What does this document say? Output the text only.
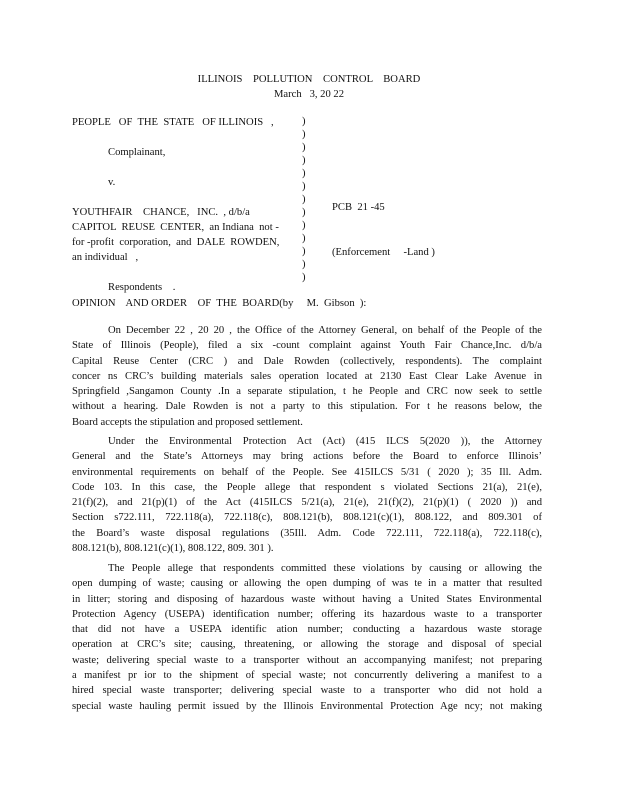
ILLINOIS    POLLUTION    CONTROL    BOARD
March   3, 20 22
PEOPLE   OF  THE  STATE   OF ILLINOIS   ,
Complainant,
v.
YOUTHFAIR    CHANCE,   INC.  , d/b/a
CAPITOL  REUSE  CENTER,  an Indiana  not -
for -profit  corporation,  and  DALE  ROWDEN,
an individual   ,
Respondents    .
)
)
)
)
)
)
)
)
)
)
)
)
)

PCB  21 -45

(Enforcement     -Land )

OPINION    AND ORDER    OF  THE  BOARD(by     M.  Gibson  ):
On December 22 , 20 20 , the Office of the Attorney General, on behalf of the People of the
State of Illinois (People), filed a six -count complaint against Youth Fair Chance,Inc. d/b/a
Capital Reuse Center (CRC ) and Dale Rowden (collectively, respondents). The complaint
concer ns CRC’s building materials sales operation located at 2130 East Clear Lake Avenue in
Springfield ,Sangamon County .In a separate stipulation, t he People and CRC now seek to settle
without a hearing. Dale Rowden is not a party to this stipulation. For t he reasons below, the
Board accepts the stipulation and proposed settlement.
Under the Environmental Protection Act (Act) (415 ILCS 5(2020 )), the Attorney
General and the State’s Attorneys may bring actions before the Board to enforce Illinois’
environmental requirements on behalf of the People. See 415ILCS 5/31 ( 2020 ); 35 Ill. Adm.
Code 103. In this case, the People allege that respondent s violated Sections 21(a), 21(e),
21(f)(2), and 21(p)(1) of the Act (415ILCS 5/21(a), 21(e), 21(f)(2), 21(p)(1) ( 2020 )) and
Section s722.111, 722.118(a), 722.118(c), 808.121(b), 808.121(c)(1), 808.122, and 809.301 of
the Board’s waste disposal regulations (35Ill. Adm. Code 722.111, 722.118(a), 722.118(c),
808.121(b), 808.121(c)(1), 808.122, 809. 301 ).
The People allege that respondents committed these violations by causing or allowing the
open dumping of waste; causing or allowing the open dumping of was te in a matter that resulted
in litter; storing and disposing of hazardous waste without having a United States Environmental
Protection Agency (USEPA) identification number; offering its hazardous waste to a transporter
that did not have a USEPA identific ation number; conducting a hazardous waste storage
operation at CRC’s site; causing, threatening, or allowing the storage and disposal of special
waste; delivering special waste to a transporter without an accompanying manifest; not preparing
a manifest pr ior to the shipment of special waste; not concurrently delivering a manifest to a
hired special waste transporter; delivering special waste to a transporter who did not hold a
special waste hauling permit issued by the Illinois Environmental Protection Age ncy; not making
